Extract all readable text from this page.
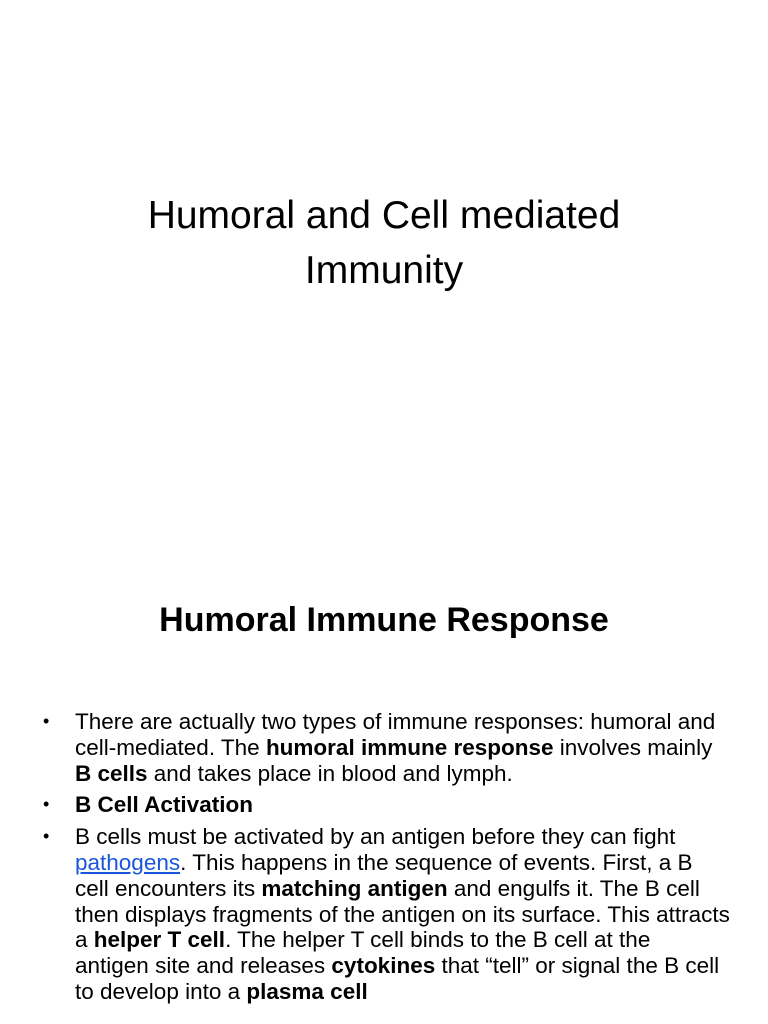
Humoral and Cell mediated
Immunity
Humoral Immune Response
• There are actually two types of immune responses: humoral and cell-mediated. The humoral immune response involves mainly B cells and takes place in blood and lymph.
• B Cell Activation
• B cells must be activated by an antigen before they can fight pathogens. This happens in the sequence of events. First, a B cell encounters its matching antigen and engulfs it. The B cell then displays fragments of the antigen on its surface. This attracts a helper T cell. The helper T cell binds to the B cell at the antigen site and releases cytokines that “tell” or signal the B cell to develop into a plasma cell
